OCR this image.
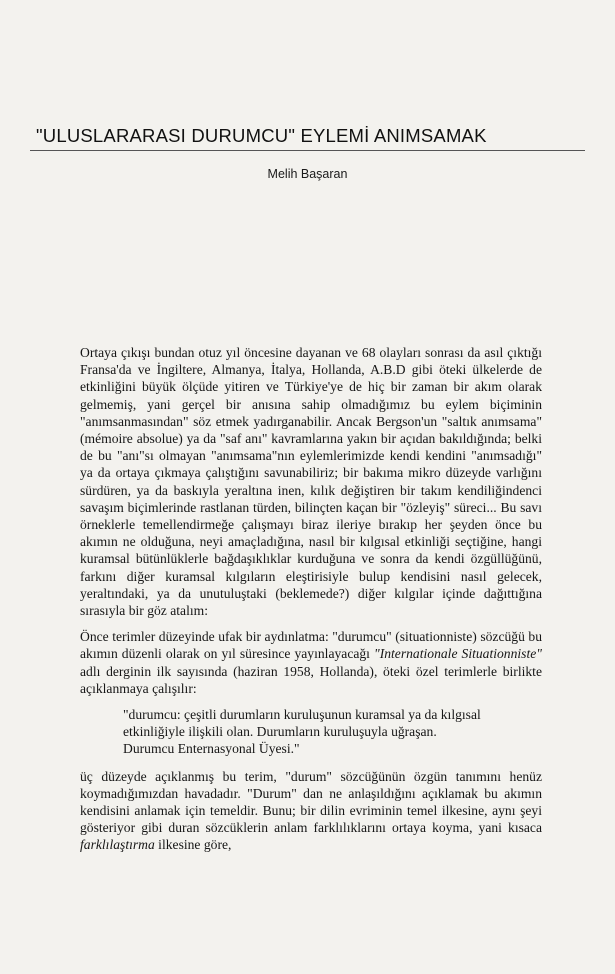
"ULUSLARARASI DURUMCU" EYLEMİ ANIMSAMAK
Melih Başaran

Ortaya çıkışı bundan otuz yıl öncesine dayanan ve 68 olayları sonrası da asıl çıktığı Fransa'da ve İngiltere, Almanya, İtalya, Hollanda, A.B.D gibi öteki ülkelerde de etkinliğini büyük ölçüde yitiren ve Türkiye'ye de hiç bir zaman bir akım olarak gelmemiş, yani gerçel bir anısına sahip olmadığımız bu eylem biçiminin "anımsanmasından" söz etmek yadırganabilir. Ancak Bergson'un "saltık anımsama" (mémoire absolue) ya da "saf anı" kavramlarına yakın bir açıdan bakıldığında; belki de bu "anı"sı olmayan "anımsama"nın eylemlerimizde kendi kendini "anımsadığı" ya da ortaya çıkmaya çalıştığını savunabiliriz; bir bakıma mikro düzeyde varlığını sürdüren, ya da baskıyla yeraltına inen, kılık değiştiren bir takım kendiliğindenci savaşım biçimlerinde rastlanan türden, bilinçten kaçan bir "özleyiş" süreci... Bu savı örneklerle temellendirmeğe çalışmayı biraz ileriye bırakıp her şeyden önce bu akımın ne olduğuna, neyi amaçladığına, nasıl bir kılgısal etkinliği seçtiğine, hangi kuramsal bütünlüklerle bağdaşıklıklar kurduğuna ve sonra da kendi özgüllüğünü, farkını diğer kuramsal kılgıların eleştirisiyle bulup kendisini nasıl gelecek, yeraltındaki, ya da unutuluştaki (beklemede?) diğer kılgılar içinde dağıttığına sırasıyla bir göz atalım:

Önce terimler düzeyinde ufak bir aydınlatma: "durumcu" (situationniste) sözcüğü bu akımın düzenli olarak on yıl süresince yayınlayacağı "Internationale Situationniste" adlı derginin ilk sayısında (haziran 1958, Hollanda), öteki özel terimlerle birlikte açıklanmaya çalışılır:

"durumcu: çeşitli durumların kuruluşunun kuramsal ya da kılgısal etkinliğiyle ilişkili olan. Durumların kuruluşuyla uğraşan.
Durumcu Enternasyonal Üyesi."

üç düzeyde açıklanmış bu terim, "durum" sözcüğünün özgün tanımını henüz koymadığımızdan havadadır. "Durum" dan ne anlaşıldığını açıklamak bu akımın kendisini anlamak için temeldir. Bunu; bir dilin evriminin temel ilkesine, aynı şeyi gösteriyor gibi duran sözcüklerin anlam farklılıklarını ortaya koyma, yani kısaca farklılaştırma ilkesine göre,
